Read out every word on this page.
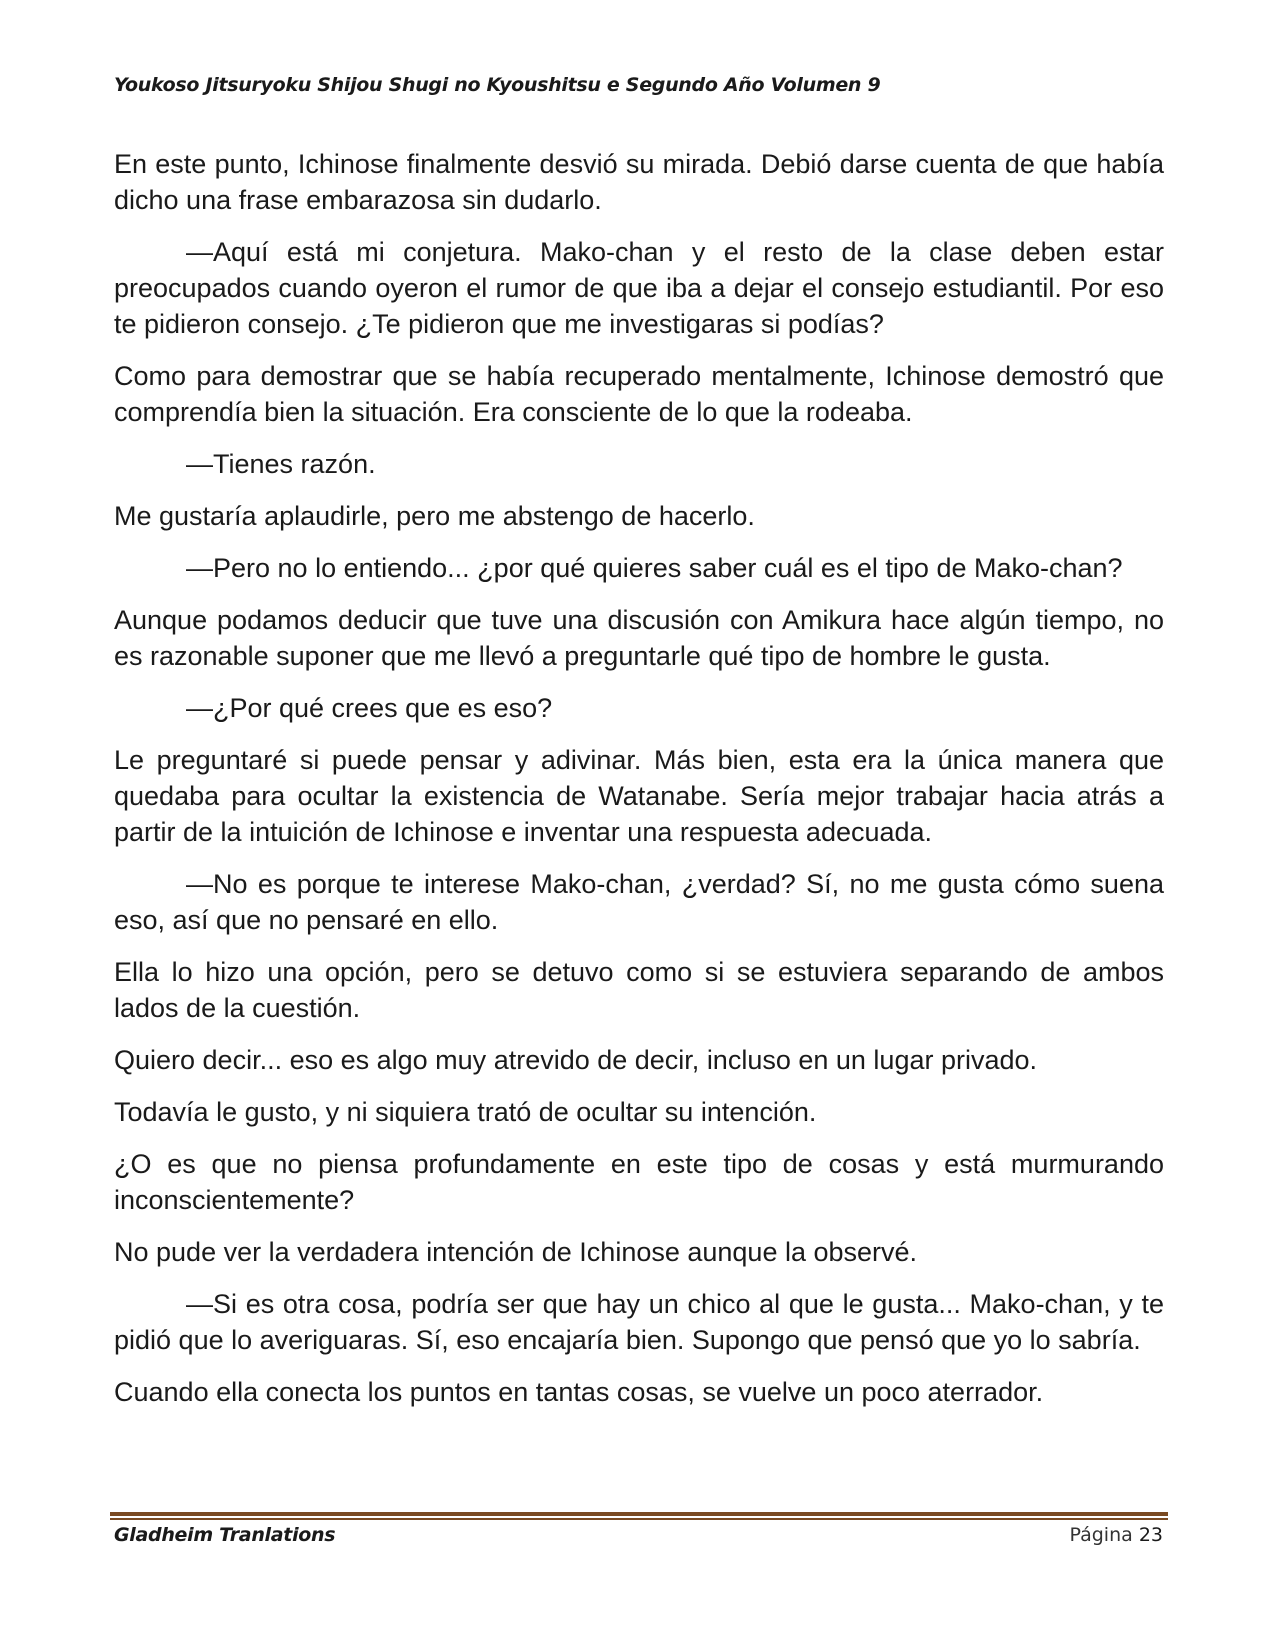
Youkoso Jitsuryoku Shijou Shugi no Kyoushitsu e Segundo Año Volumen 9

En este punto, Ichinose finalmente desvió su mirada. Debió darse cuenta de que había dicho una frase embarazosa sin dudarlo.

—Aquí está mi conjetura. Mako-chan y el resto de la clase deben estar preocupados cuando oyeron el rumor de que iba a dejar el consejo estudiantil. Por eso te pidieron consejo. ¿Te pidieron que me investigaras si podías?

Como para demostrar que se había recuperado mentalmente, Ichinose demostró que comprendía bien la situación. Era consciente de lo que la rodeaba.

—Tienes razón.

Me gustaría aplaudirle, pero me abstengo de hacerlo.

—Pero no lo entiendo... ¿por qué quieres saber cuál es el tipo de Mako-chan?

Aunque podamos deducir que tuve una discusión con Amikura hace algún tiempo, no es razonable suponer que me llevó a preguntarle qué tipo de hombre le gusta.

—¿Por qué crees que es eso?

Le preguntaré si puede pensar y adivinar. Más bien, esta era la única manera que quedaba para ocultar la existencia de Watanabe. Sería mejor trabajar hacia atrás a partir de la intuición de Ichinose e inventar una respuesta adecuada.

—No es porque te interese Mako-chan, ¿verdad? Sí, no me gusta cómo suena eso, así que no pensaré en ello.

Ella lo hizo una opción, pero se detuvo como si se estuviera separando de ambos lados de la cuestión.

Quiero decir... eso es algo muy atrevido de decir, incluso en un lugar privado.

Todavía le gusto, y ni siquiera trató de ocultar su intención.

¿O es que no piensa profundamente en este tipo de cosas y está murmurando inconscientemente?

No pude ver la verdadera intención de Ichinose aunque la observé.

—Si es otra cosa, podría ser que hay un chico al que le gusta... Mako-chan, y te pidió que lo averiguaras. Sí, eso encajaría bien. Supongo que pensó que yo lo sabría.

Cuando ella conecta los puntos en tantas cosas, se vuelve un poco aterrador.

Gladheim Tranlations	Página 23
